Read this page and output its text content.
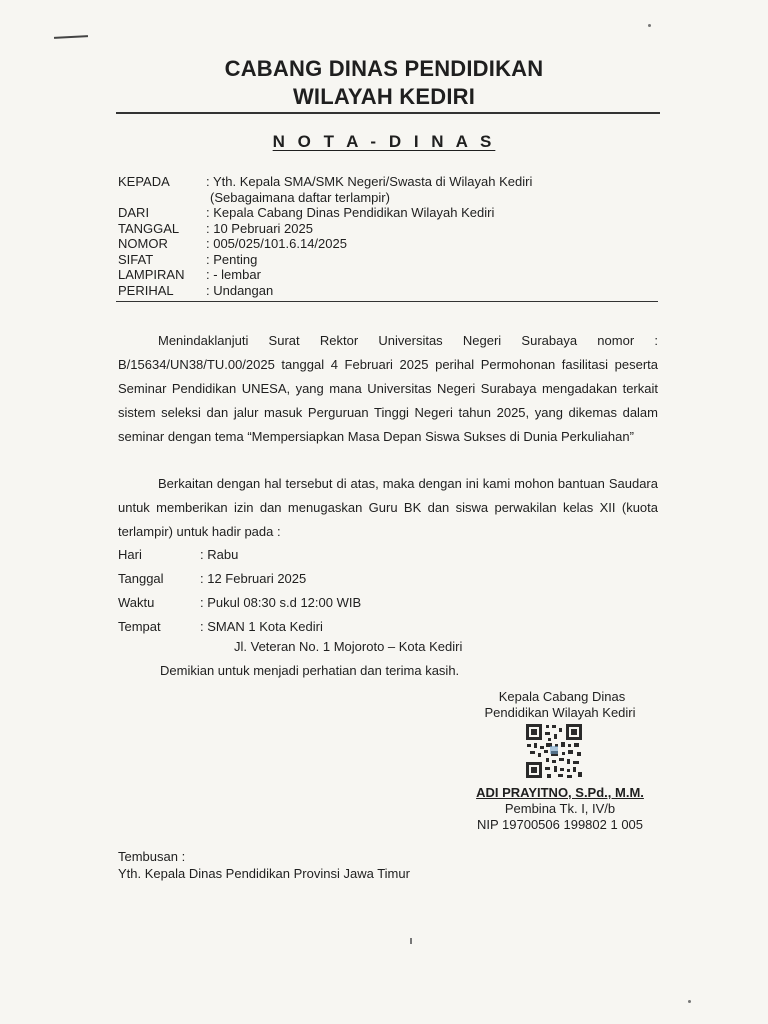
CABANG DINAS PENDIDIKAN
WILAYAH KEDIRI
N O T A - D I N A S
KEPADA	: Yth. Kepala SMA/SMK Negeri/Swasta di Wilayah Kediri
(Sebagaimana daftar terlampir)
DARI	: Kepala Cabang Dinas Pendidikan Wilayah Kediri
TANGGAL	: 10 Pebruari 2025
NOMOR	: 005/025/101.6.14/2025
SIFAT	: Penting
LAMPIRAN	: - lembar
PERIHAL	: Undangan
Menindaklanjuti Surat Rektor Universitas Negeri Surabaya nomor : B/15634/UN38/TU.00/2025 tanggal 4 Februari 2025 perihal Permohonan fasilitasi peserta Seminar Pendidikan UNESA, yang mana Universitas Negeri Surabaya mengadakan terkait sistem seleksi dan jalur masuk Perguruan Tinggi Negeri tahun 2025, yang dikemas dalam seminar dengan tema “Mempersiapkan Masa Depan Siswa Sukses di Dunia Perkuliahan”
Berkaitan dengan hal tersebut di atas, maka dengan ini kami mohon bantuan Saudara untuk memberikan izin dan menugaskan Guru BK dan siswa perwakilan kelas XII (kuota terlampir) untuk hadir pada :
Hari	: Rabu
Tanggal	: 12 Februari 2025
Waktu	: Pukul 08:30 s.d 12:00 WIB
Tempat	: SMAN 1 Kota Kediri
Jl. Veteran No. 1 Mojoroto – Kota Kediri
Demikian untuk menjadi perhatian dan terima kasih.
Kepala Cabang Dinas
Pendidikan Wilayah Kediri
ADI PRAYITNO, S.Pd., M.M.
Pembina Tk. I, IV/b
NIP 19700506 199802 1 005
Tembusan :
Yth. Kepala Dinas Pendidikan Provinsi Jawa Timur
